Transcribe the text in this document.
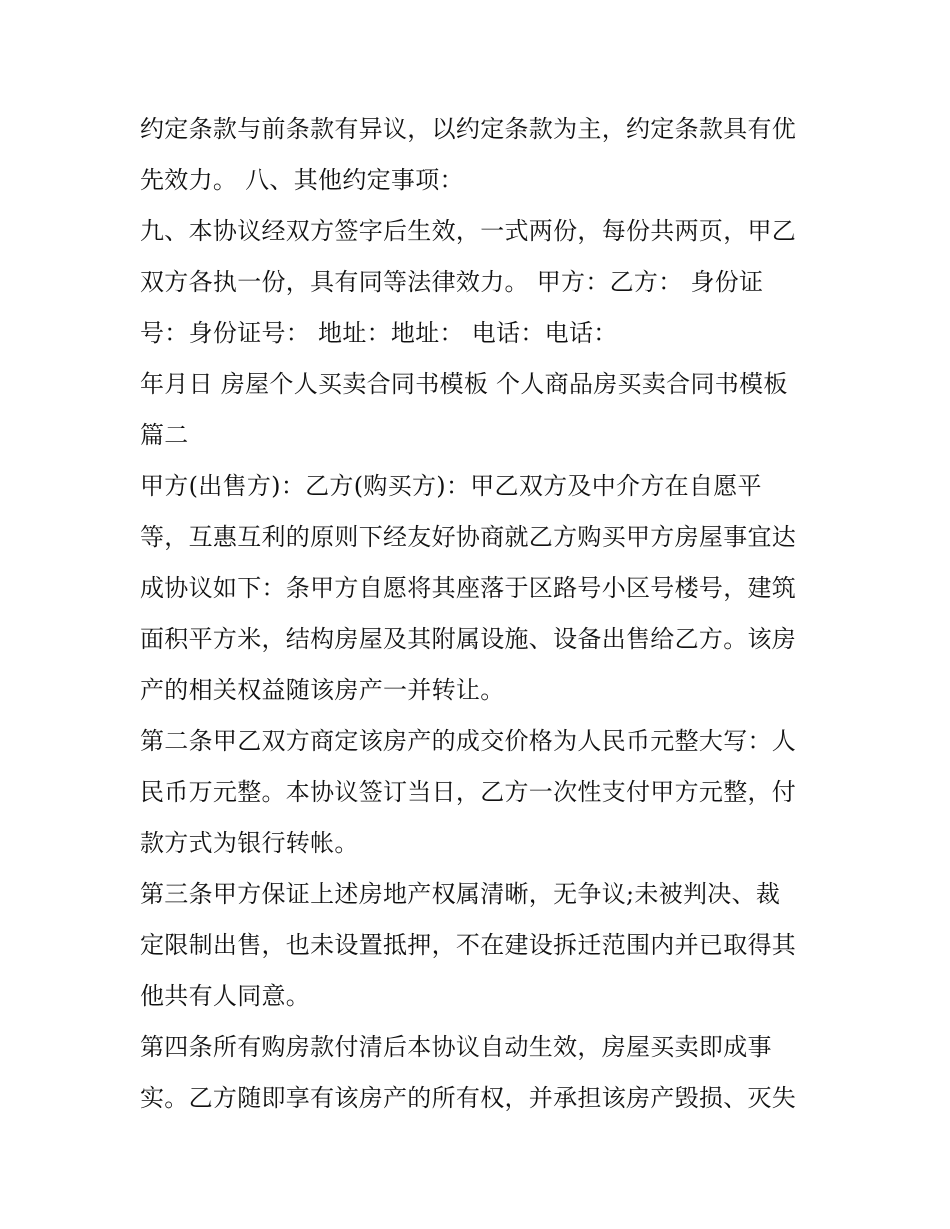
约定条款与前条款有异议，以约定条款为主，约定条款具有优
先效力。 八、其他约定事项：
九、本协议经双方签字后生效，一式两份，每份共两页，甲乙
双方各执一份，具有同等法律效力。 甲方：乙方： 身份证
号：身份证号： 地址：地址： 电话：电话：
年月日 房屋个人买卖合同书模板 个人商品房买卖合同书模板
篇二
甲方(出售方)：乙方(购买方)：甲乙双方及中介方在自愿平
等，互惠互利的原则下经友好协商就乙方购买甲方房屋事宜达
成协议如下：条甲方自愿将其座落于区路号小区号楼号，建筑
面积平方米，结构房屋及其附属设施、设备出售给乙方。该房
产的相关权益随该房产一并转让。
第二条甲乙双方商定该房产的成交价格为人民币元整大写：人
民币万元整。本协议签订当日，乙方一次性支付甲方元整，付
款方式为银行转帐。
第三条甲方保证上述房地产权属清晰，无争议;未被判决、裁
定限制出售，也未设置抵押，不在建设拆迁范围内并已取得其
他共有人同意。
第四条所有购房款付清后本协议自动生效，房屋买卖即成事
实。乙方随即享有该房产的所有权，并承担该房产毁损、灭失
